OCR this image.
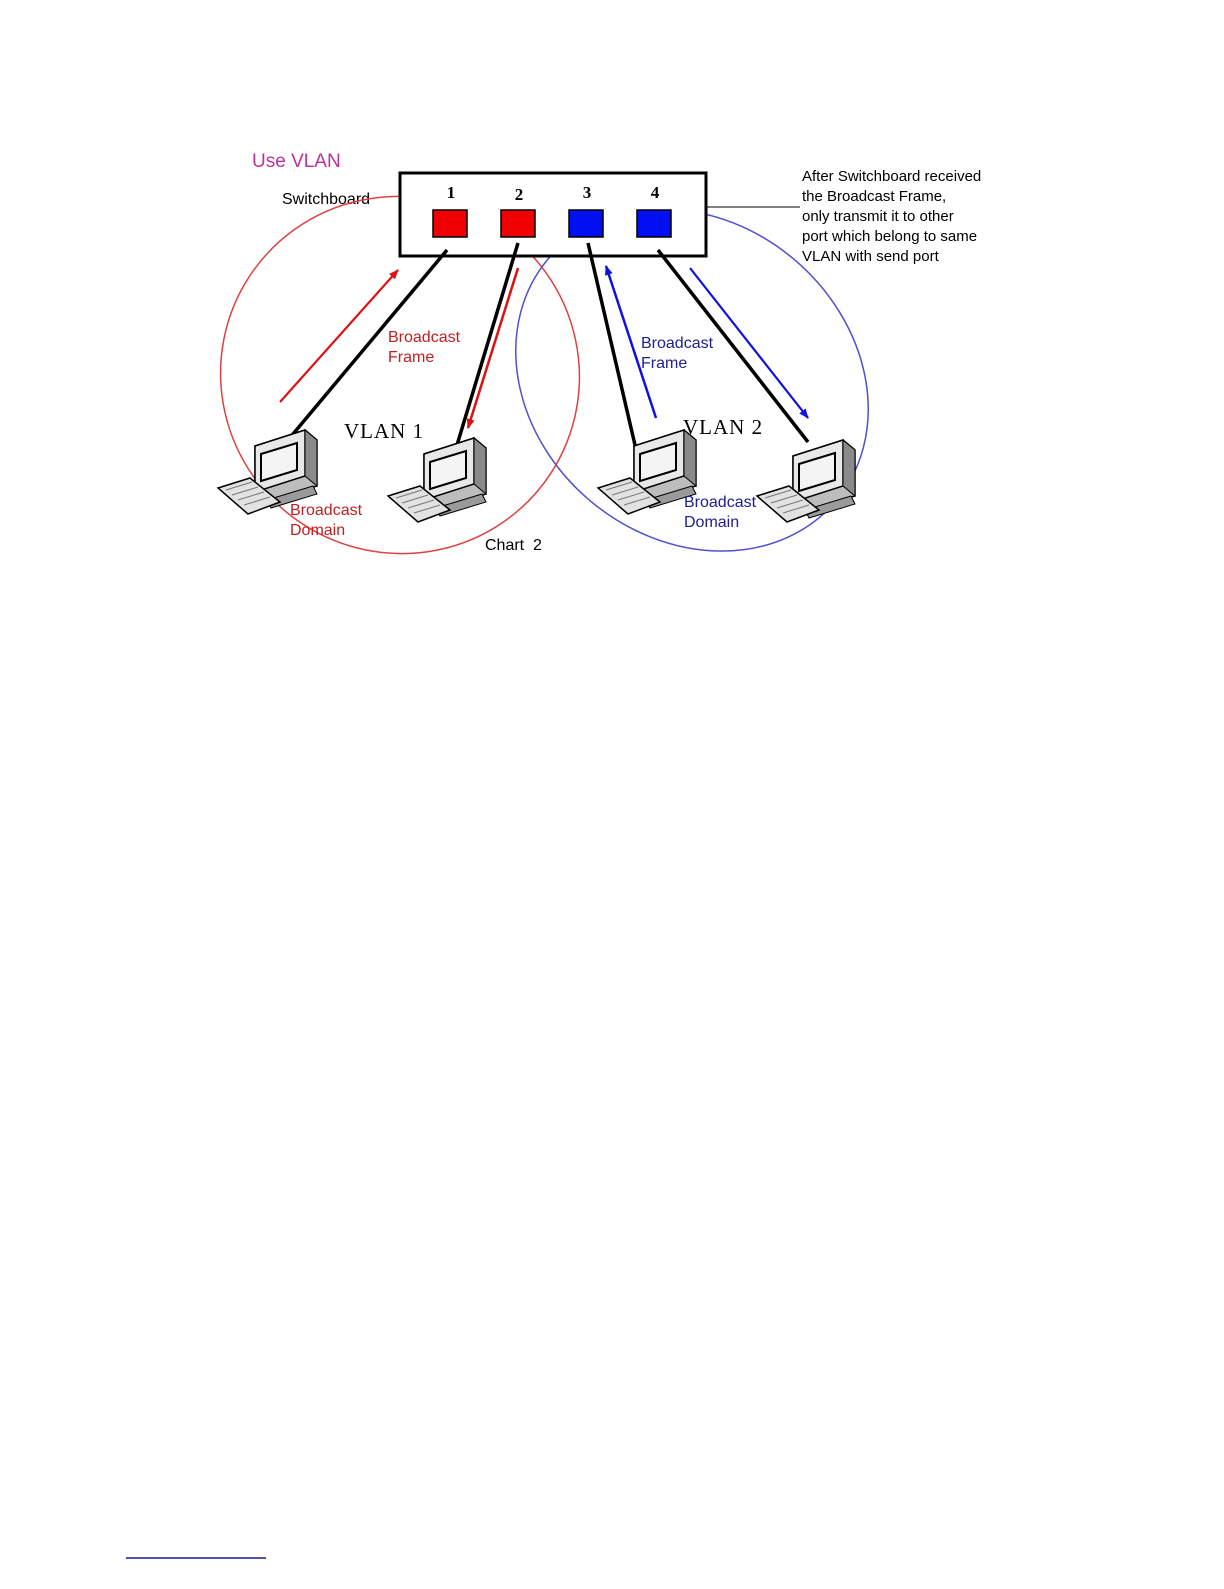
Use VLAN
Switchboard	1	2	3	4
After Switchboard received
the Broadcast Frame,
only transmit it to other
port which belong to same
VLAN with send port
VLAN 1	VLAN 2
Broadcast
Frame
Broadcast
Frame
Broadcast
Domain
Broadcast
Domain
Chart  2
